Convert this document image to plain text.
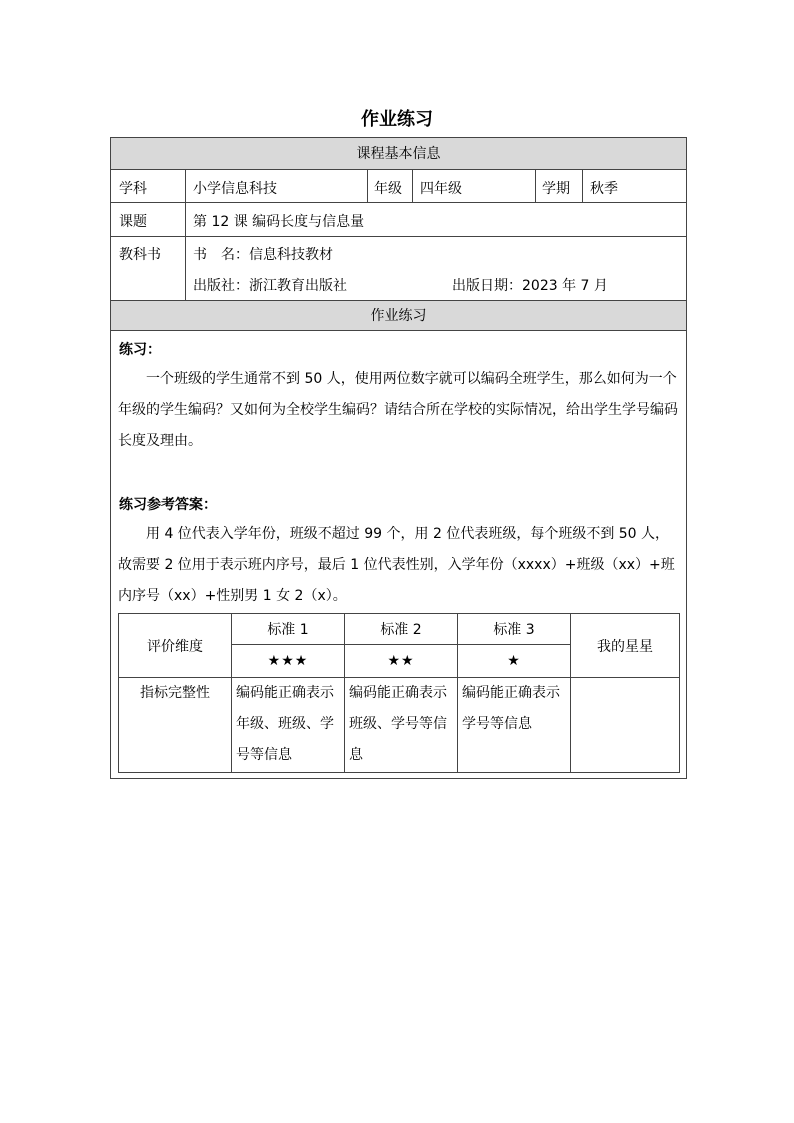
作业练习
课程基本信息
学科	小学信息科技	年级 四年级	学期 秋季
课题	第 12 课 编码长度与信息量
教科书 书　名：信息科技教材
出版社：浙江教育出版社	出版日期：2023 年 7 月
作业练习
练习：
一个班级的学生通常不到 50 人，使用两位数字就可以编码全班学生，那么如何为一个年级的学生编码？又如何为全校学生编码？请结合所在学校的实际情况，给出学生学号编码长度及理由。
练习参考答案：
用 4 位代表入学年份，班级不超过 99 个，用 2 位代表班级，每个班级不到 50 人，故需要 2 位用于表示班内序号，最后 1 位代表性别，入学年份（xxxx）+班级（xx）+班内序号（xx）+性别男 1 女 2（x）。
评价维度	标准 1	标准 2	标准 3	我的星星
	★★★	★★	★	
指标完整性	编码能正确表示年级、班级、学号等信息	编码能正确表示班级、学号等信息	编码能正确表示学号等信息	
